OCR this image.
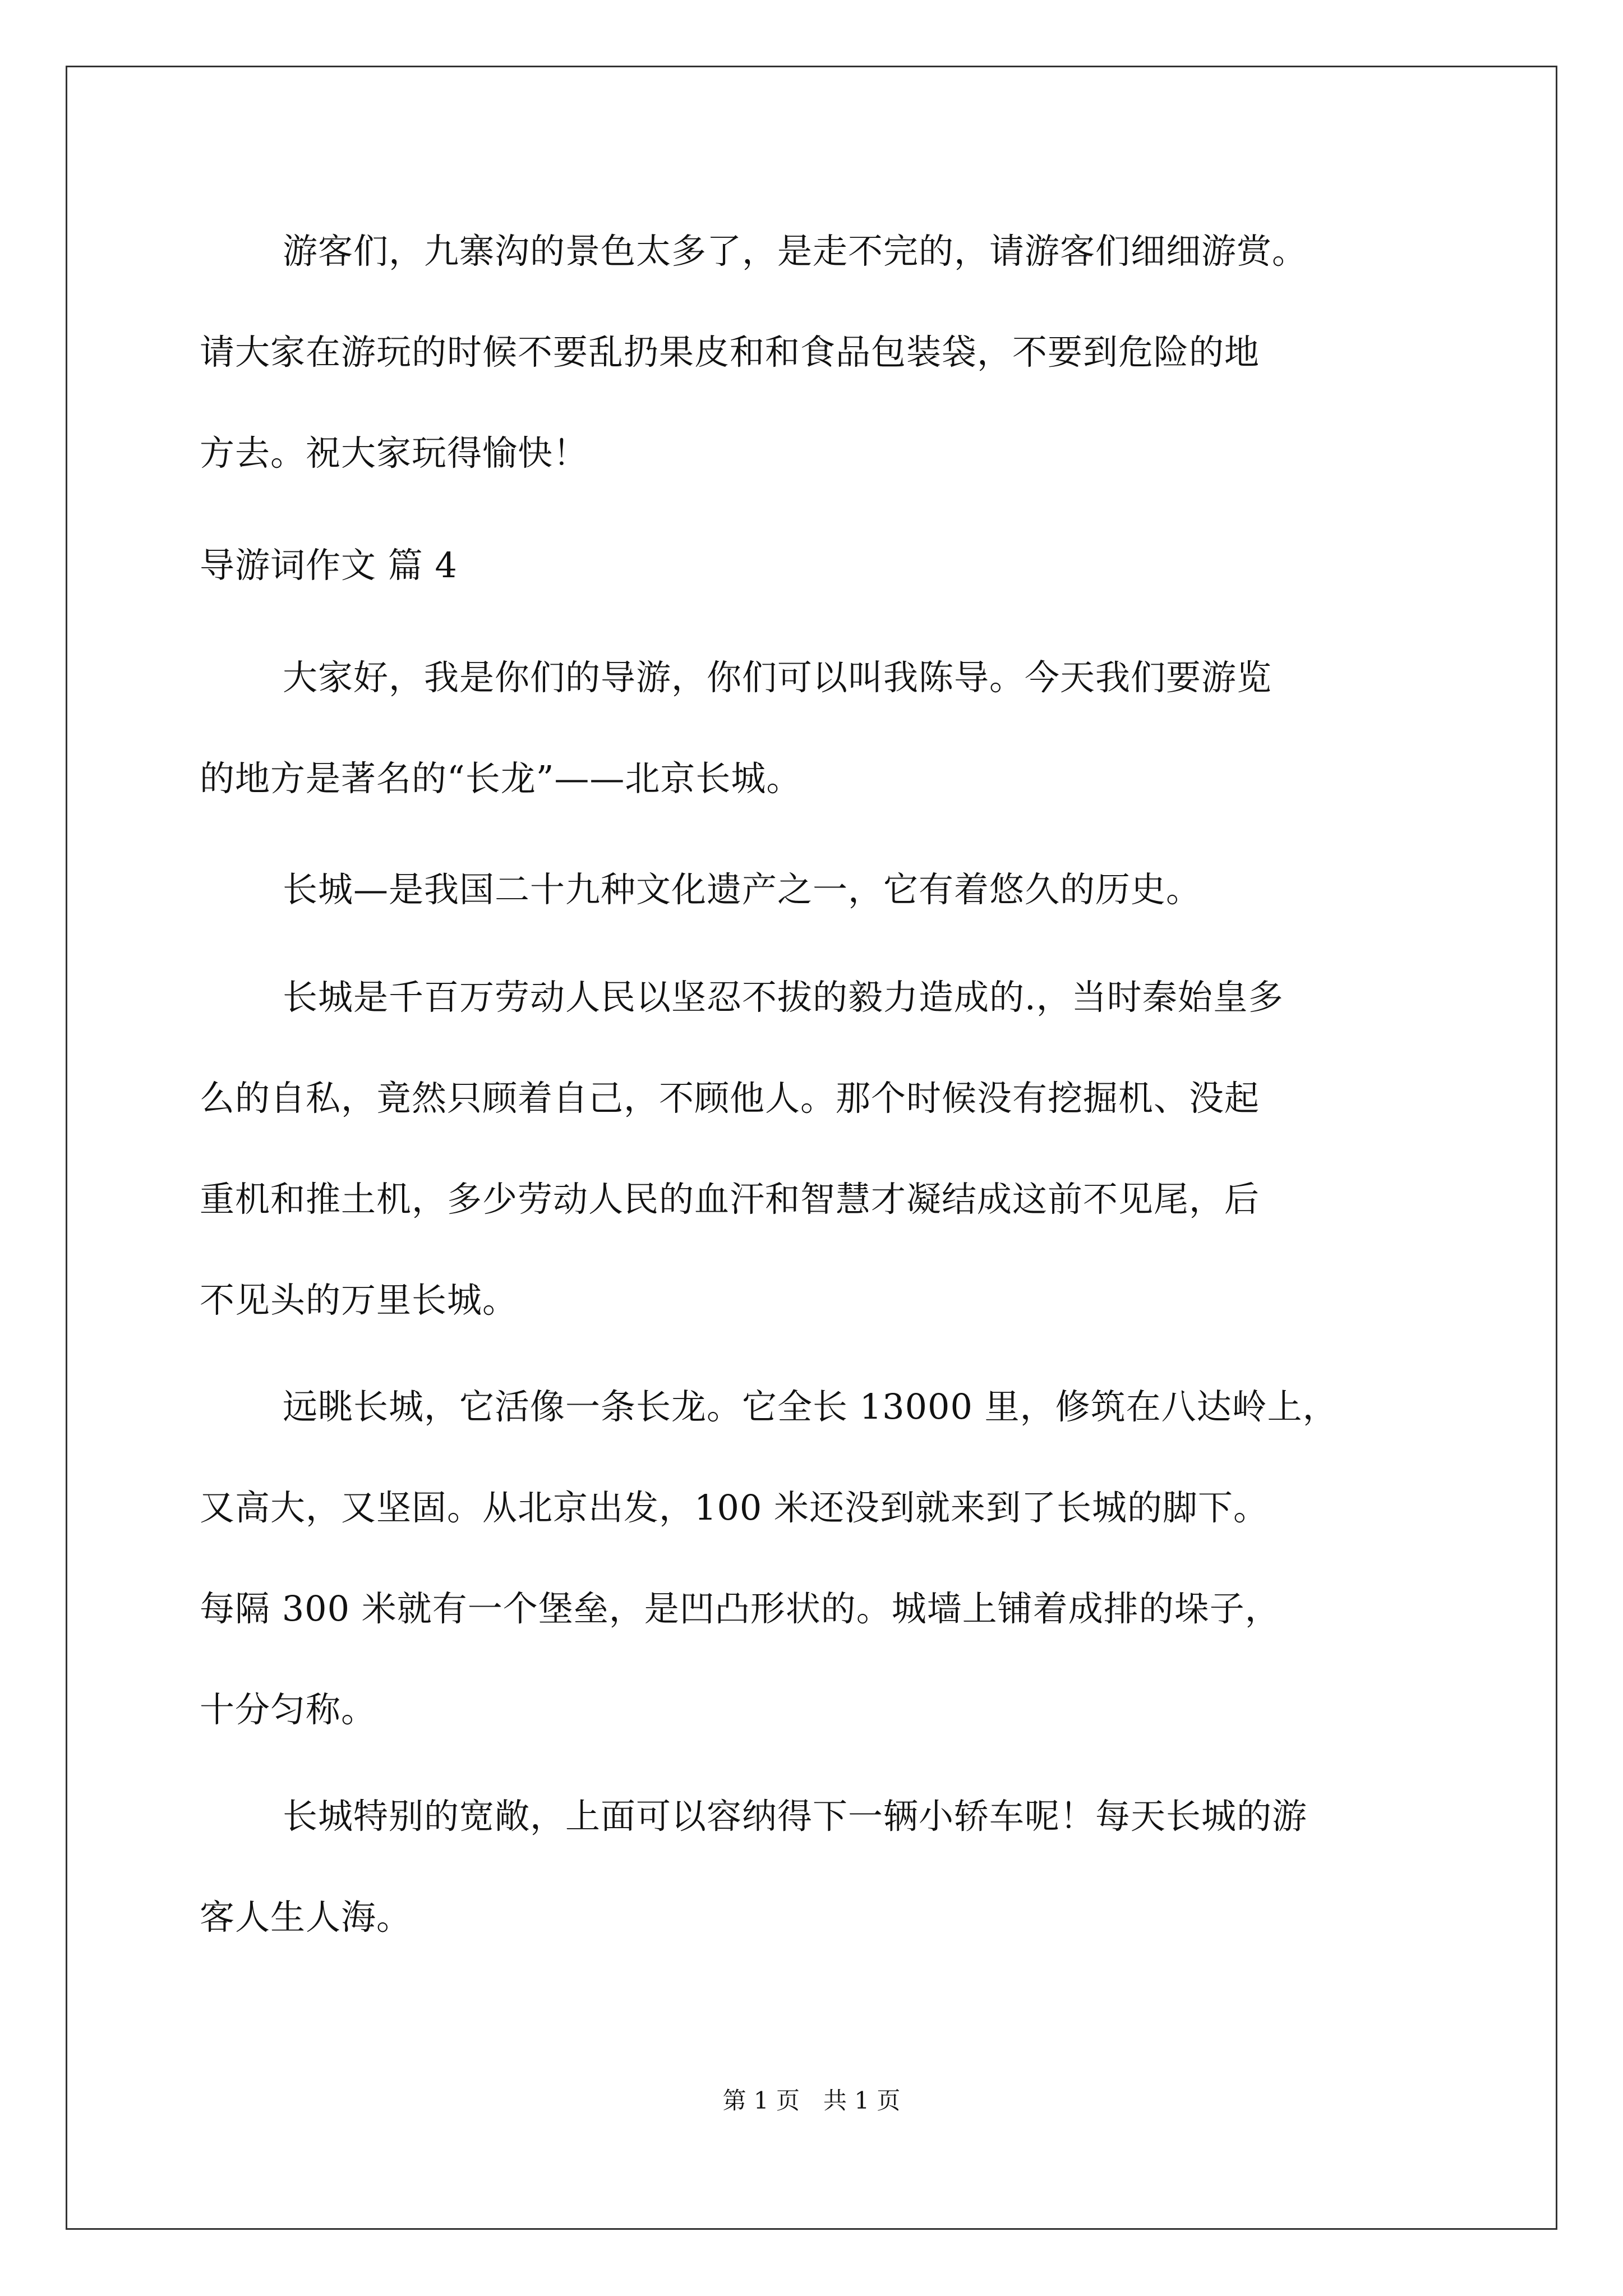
游客们，九寨沟的景色太多了，是走不完的，请游客们细细游赏。
请大家在游玩的时候不要乱扔果皮和和食品包装袋，不要到危险的地
方去。祝大家玩得愉快！
导游词作文 篇 4
大家好，我是你们的导游，你们可以叫我陈导。今天我们要游览
的地方是著名的“长龙”——北京长城。
长城—是我国二十九种文化遗产之一，它有着悠久的历史。
长城是千百万劳动人民以坚忍不拔的毅力造成的.，当时秦始皇多
么的自私，竟然只顾着自己，不顾他人。那个时候没有挖掘机、没起
重机和推土机，多少劳动人民的血汗和智慧才凝结成这前不见尾，后
不见头的万里长城。
远眺长城，它活像一条长龙。它全长 13000 里，修筑在八达岭上，
又高大，又坚固。从北京出发，100 米还没到就来到了长城的脚下。
每隔 300 米就有一个堡垒，是凹凸形状的。城墙上铺着成排的垛子，
十分匀称。
长城特别的宽敞，上面可以容纳得下一辆小轿车呢！每天长城的游
客人生人海。
第 1 页　共 1 页
